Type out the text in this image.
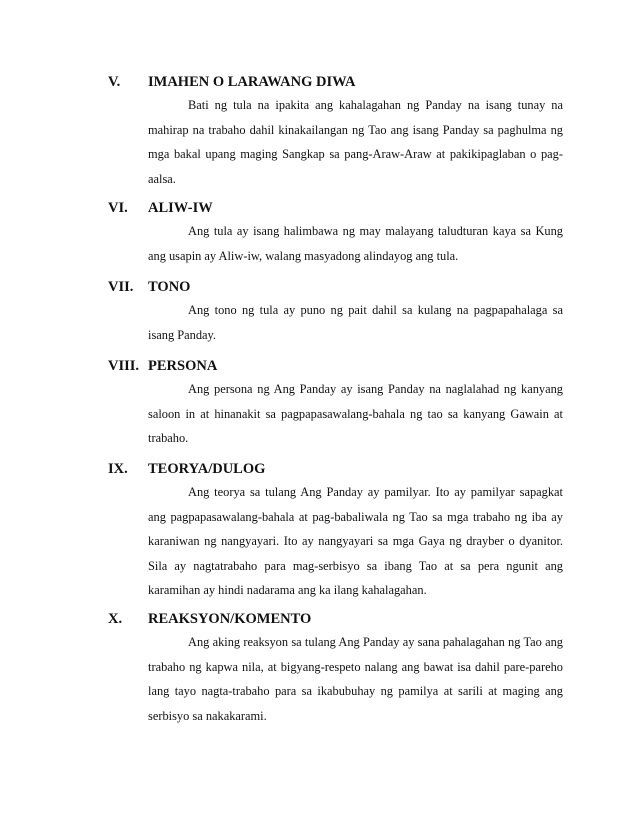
V. IMAHEN O LARAWANG DIWA

Bati ng tula na ipakita ang kahalagahan ng Panday na isang tunay na mahirap na trabaho dahil kinakailangan ng Tao ang isang Panday sa paghulma ng mga bakal upang maging Sangkap sa pang-Araw-Araw at pakikipaglaban o pag-aalsa.

VI. ALIW-IW

Ang tula ay isang halimbawa ng may malayang taludturan kaya sa Kung ang usapin ay Aliw-iw, walang masyadong alindayog ang tula.

VII. TONO

Ang tono ng tula ay puno ng pait dahil sa kulang na pagpapahalaga sa isang Panday.

VIII. PERSONA

Ang persona ng Ang Panday ay isang Panday na naglalahad ng kanyang saloon in at hinanakit sa pagpapasawalang-bahala ng tao sa kanyang Gawain at trabaho.

IX. TEORYA/DULOG

Ang teorya sa tulang Ang Panday ay pamilyar. Ito ay pamilyar sapagkat ang pagpapasawalang-bahala at pag-babaliwala ng Tao sa mga trabaho ng iba ay karaniwan ng nangyayari. Ito ay nangyayari sa mga Gaya ng drayber o dyanitor. Sila ay nagtatrabaho para mag-serbisyo sa ibang Tao at sa pera ngunit ang karamihan ay hindi nadarama ang ka ilang kahalagahan.

X. REAKSYON/KOMENTO

Ang aking reaksyon sa tulang Ang Panday ay sana pahalagahan ng Tao ang trabaho ng kapwa nila, at bigyang-respeto nalang ang bawat isa dahil pare-pareho lang tayo nagta-trabaho para sa ikabubuhay ng pamilya at sarili at maging ang serbisyo sa nakakarami.
